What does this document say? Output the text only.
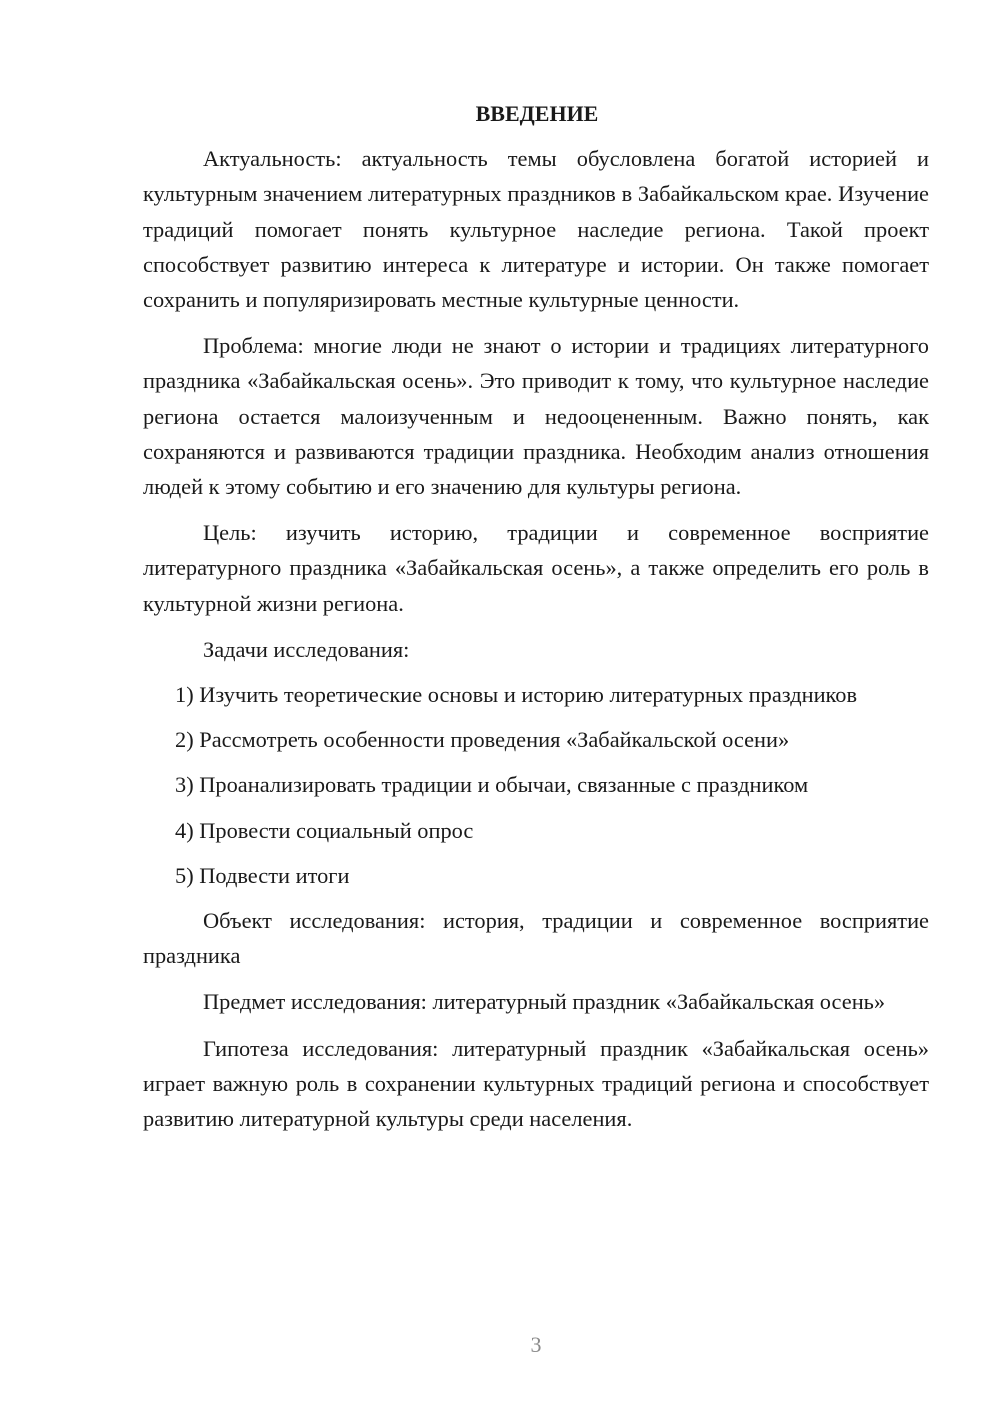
ВВЕДЕНИЕ

Актуальность: актуальность темы обусловлена богатой историей и культурным значением литературных праздников в Забайкальском крае. Изучение традиций помогает понять культурное наследие региона. Такой проект способствует развитию интереса к литературе и истории. Он также помогает сохранить и популяризировать местные культурные ценности.

Проблема: многие люди не знают о истории и традициях литературного праздника «Забайкальская осень». Это приводит к тому, что культурное наследие региона остается малоизученным и недооцененным. Важно понять, как сохраняются и развиваются традиции праздника. Необходим анализ отношения людей к этому событию и его значению для культуры региона.

Цель: изучить историю, традиции и современное восприятие литературного праздника «Забайкальская осень», а также определить его роль в культурной жизни региона.

Задачи исследования:

1) Изучить теоретические основы и историю литературных праздников

2) Рассмотреть особенности проведения «Забайкальской осени»

3) Проанализировать традиции и обычаи, связанные с праздником

4) Провести социальный опрос

5) Подвести итоги

Объект исследования: история, традиции и современное восприятие праздника

Предмет исследования: литературный праздник «Забайкальская осень»

Гипотеза исследования: литературный праздник «Забайкальская осень» играет важную роль в сохранении культурных традиций региона и способствует развитию литературной культуры среди населения.

3
